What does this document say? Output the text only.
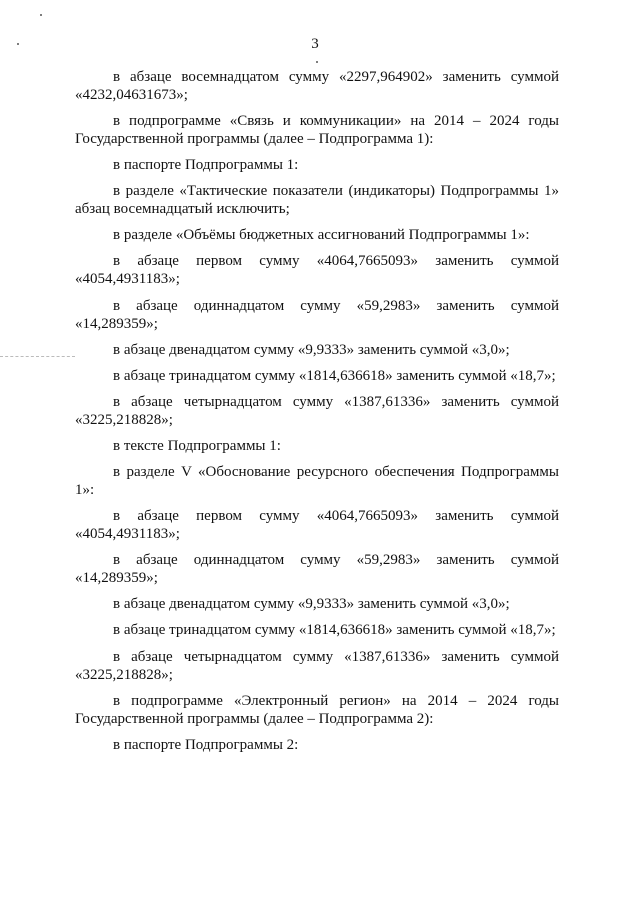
3

в абзаце восемнадцатом сумму «2297,964902» заменить суммой «4232,04631673»;

в подпрограмме «Связь и коммуникации» на 2014 – 2024 годы Государственной программы (далее – Подпрограмма 1):

в паспорте Подпрограммы 1:

в разделе «Тактические показатели (индикаторы) Подпрограммы 1» абзац восемнадцатый исключить;

в разделе «Объёмы бюджетных ассигнований Подпрограммы 1»:

в абзаце первом сумму «4064,7665093» заменить суммой «4054,4931183»;

в абзаце одиннадцатом сумму «59,2983» заменить суммой «14,289359»;

в абзаце двенадцатом сумму «9,9333» заменить суммой «3,0»;

в абзаце тринадцатом сумму «1814,636618» заменить суммой «18,7»;

в абзаце четырнадцатом сумму «1387,61336» заменить суммой «3225,218828»;

в тексте Подпрограммы 1:

в разделе V «Обоснование ресурсного обеспечения Подпрограммы 1»:

в абзаце первом сумму «4064,7665093» заменить суммой «4054,4931183»;

в абзаце одиннадцатом сумму «59,2983» заменить суммой «14,289359»;

в абзаце двенадцатом сумму «9,9333» заменить суммой «3,0»;

в абзаце тринадцатом сумму «1814,636618» заменить суммой «18,7»;

в абзаце четырнадцатом сумму «1387,61336» заменить суммой «3225,218828»;

в подпрограмме «Электронный регион» на 2014 – 2024 годы Государственной программы (далее – Подпрограмма 2):

в паспорте Подпрограммы 2:
